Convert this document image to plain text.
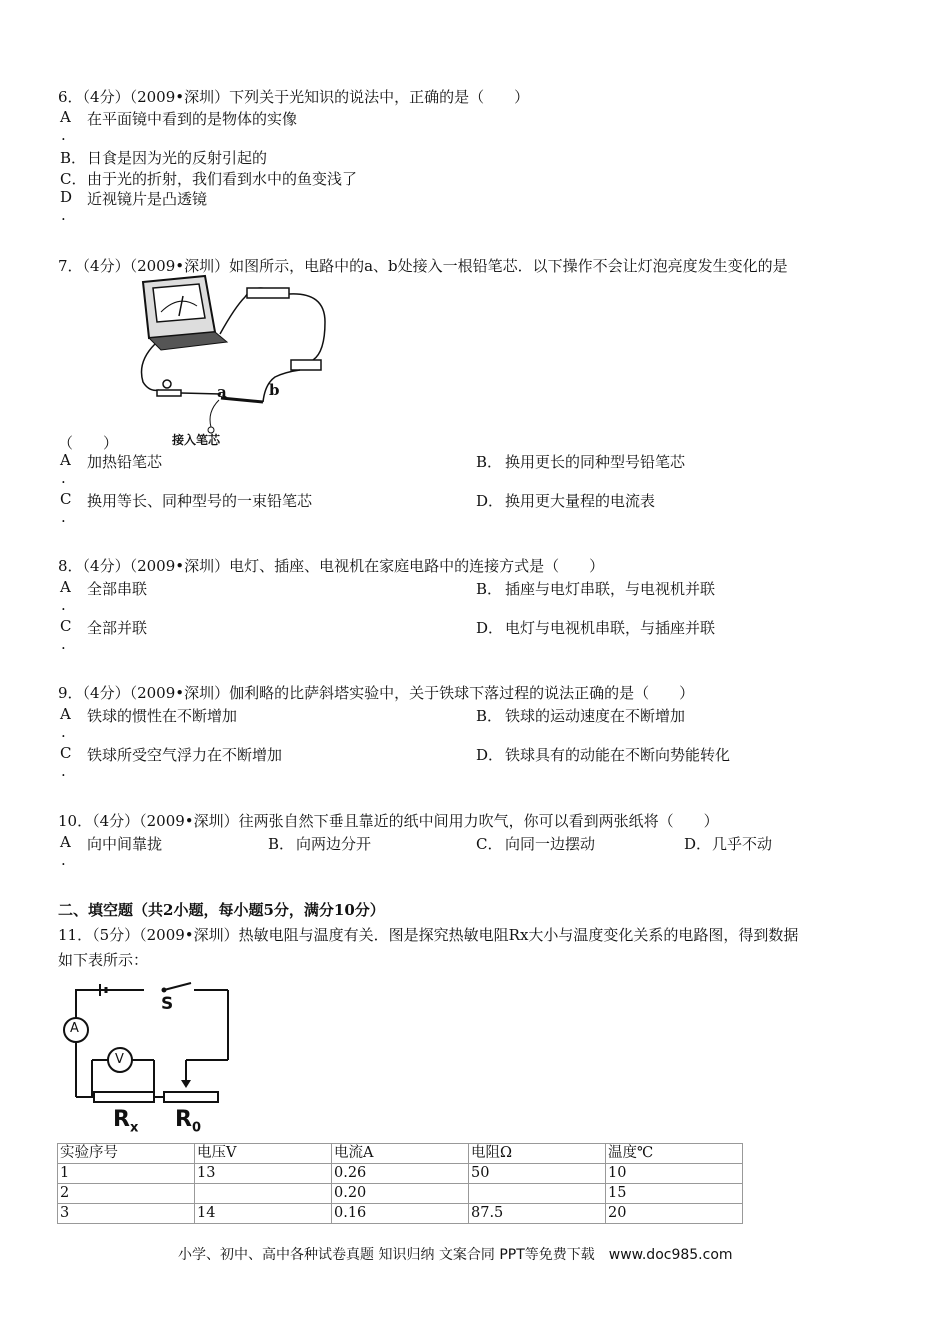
6．（4分）（2009•深圳）下列关于光知识的说法中，正确的是（　　）
A
.
在平面镜中看到的是物体的实像
B． 日食是因为光的反射引起的
C． 由于光的折射，我们看到水中的鱼变浅了
D
.
近视镜片是凸透镜
7．（4分）（2009•深圳）如图所示，电路中的a、b处接入一根铅笔芯．以下操作不会让灯泡亮度发生变化的是
a	b
接入笔芯
（　　）
A
.
加热铅笔芯	B． 换用更长的同种型号铅笔芯
C
.
换用等长、同种型号的一束铅笔芯	D． 换用更大量程的电流表
8．（4分）（2009•深圳）电灯、插座、电视机在家庭电路中的连接方式是（　　）
A
.
全部串联	B． 插座与电灯串联，与电视机并联
C
.
全部并联	D． 电灯与电视机串联，与插座并联
9．（4分）（2009•深圳）伽利略的比萨斜塔实验中，关于铁球下落过程的说法正确的是（　　）
A
.
铁球的惯性在不断增加	B． 铁球的运动速度在不断增加
C
.
铁球所受空气浮力在不断增加	D． 铁球具有的动能在不断向势能转化
10．（4分）（2009•深圳）往两张自然下垂且靠近的纸中间用力吹气，你可以看到两张纸将（　　）
A
.
向中间靠拢	B． 向两边分开	C． 向同一边摆动	D． 几乎不动
二、填空题（共2小题，每小题5分，满分10分）
11．（5分）（2009•深圳）热敏电阻与温度有关．图是探究热敏电阻Rx大小与温度变化关系的电路图，得到数据
如下表所示：
S
A
V
$R_x$ $R_0$
实验序号	电压V	电流A	电阻Ω	温度℃
1	13	0.26	50	10
2		0.20		15
3	14	0.16	87.5	20
小学、初中、高中各种试卷真题 知识归纳 文案合同 PPT等免费下载　www.doc985.com
